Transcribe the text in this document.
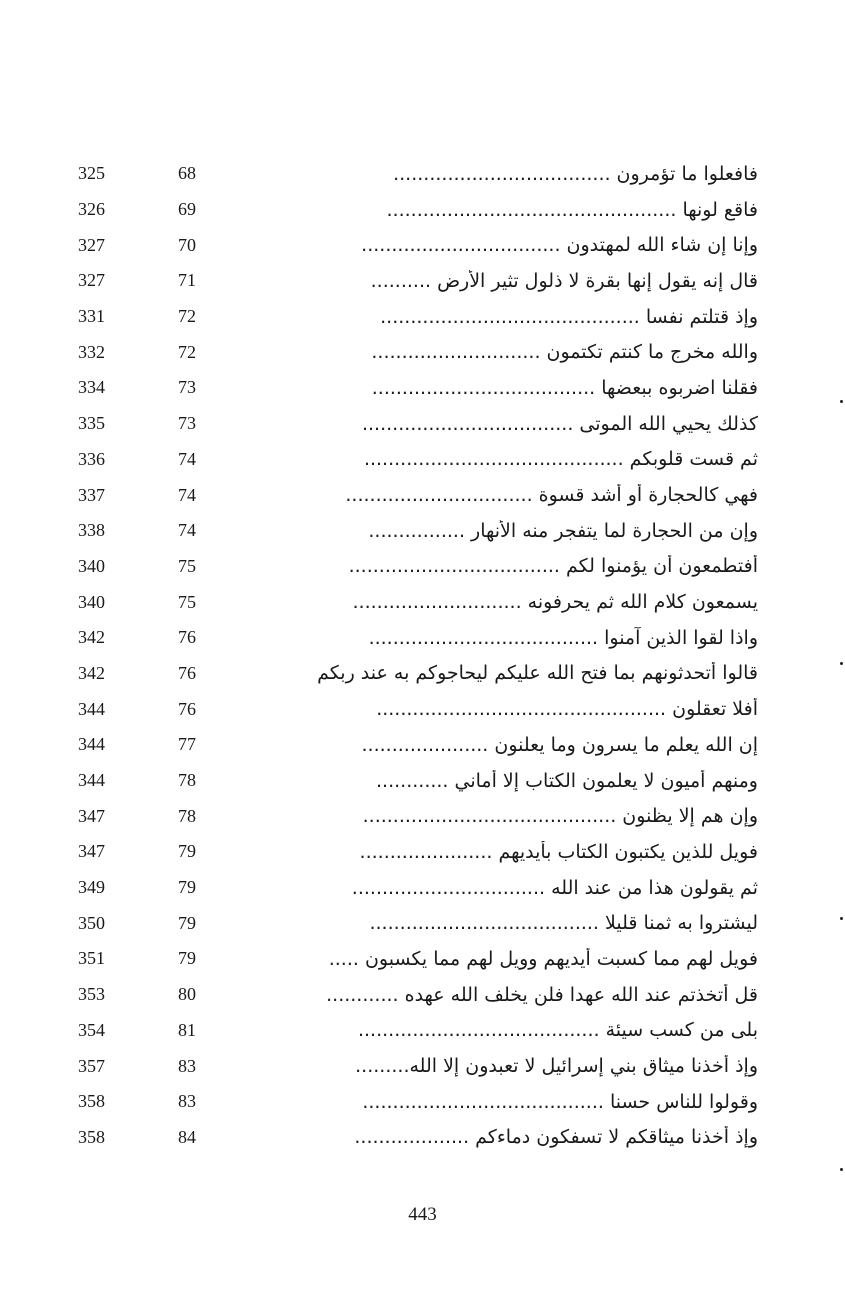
325	68	فافعلوا ما تؤمرون ....................................
326	69	فاقع لونها ................................................
327	70	وإنا إن شاء الله لمهتدون .................................
327	71	قال إنه يقول إنها بقرة لا ذلول تثير الأرض ..........
331	72	وإذ قتلتم نفسا ...........................................
332	72	والله مخرج ما كنتم تكتمون ............................
334	73	فقلنا اضربوه ببعضها .....................................
335	73	كذلك يحيي الله الموتى ...................................
336	74	ثم قست قلوبكم ...........................................
337	74	فهي كالحجارة أو أشد قسوة ...............................
338	74	وإن من الحجارة لما يتفجر منه الأنهار ................
340	75	أفتطمعون أن يؤمنوا لكم ...................................
340	75	يسمعون كلام الله ثم يحرفونه ............................
342	76	واذا لقوا الذين آمنوا ......................................
342	76	قالوا أتحدثونهم بما فتح الله عليكم ليحاجوكم به عند ربكم
344	76	أفلا تعقلون ................................................
344	77	إن الله يعلم ما يسرون وما يعلنون .....................
344	78	ومنهم أميون لا يعلمون الكتاب إلا أماني ............
347	78	وإن هم إلا يظنون ..........................................
347	79	فويل للذين يكتبون الكتاب بأيديهم ......................
349	79	ثم يقولون هذا من عند الله ................................
350	79	ليشتروا به ثمنا قليلا ......................................
351	79	فويل لهم مما كسبت أيديهم وويل لهم مما يكسبون .....
353	80	قل أتخذتم عند الله عهدا فلن يخلف الله عهده ............
354	81	بلى من كسب سيئة ........................................
357	83	وإذ أخذنا ميثاق بني إسرائيل لا تعبدون إلا الله.........
358	83	وقولوا للناس حسنا ........................................
358	84	وإذ أخذنا ميثاقكم لا تسفكون دماءكم ...................
443
